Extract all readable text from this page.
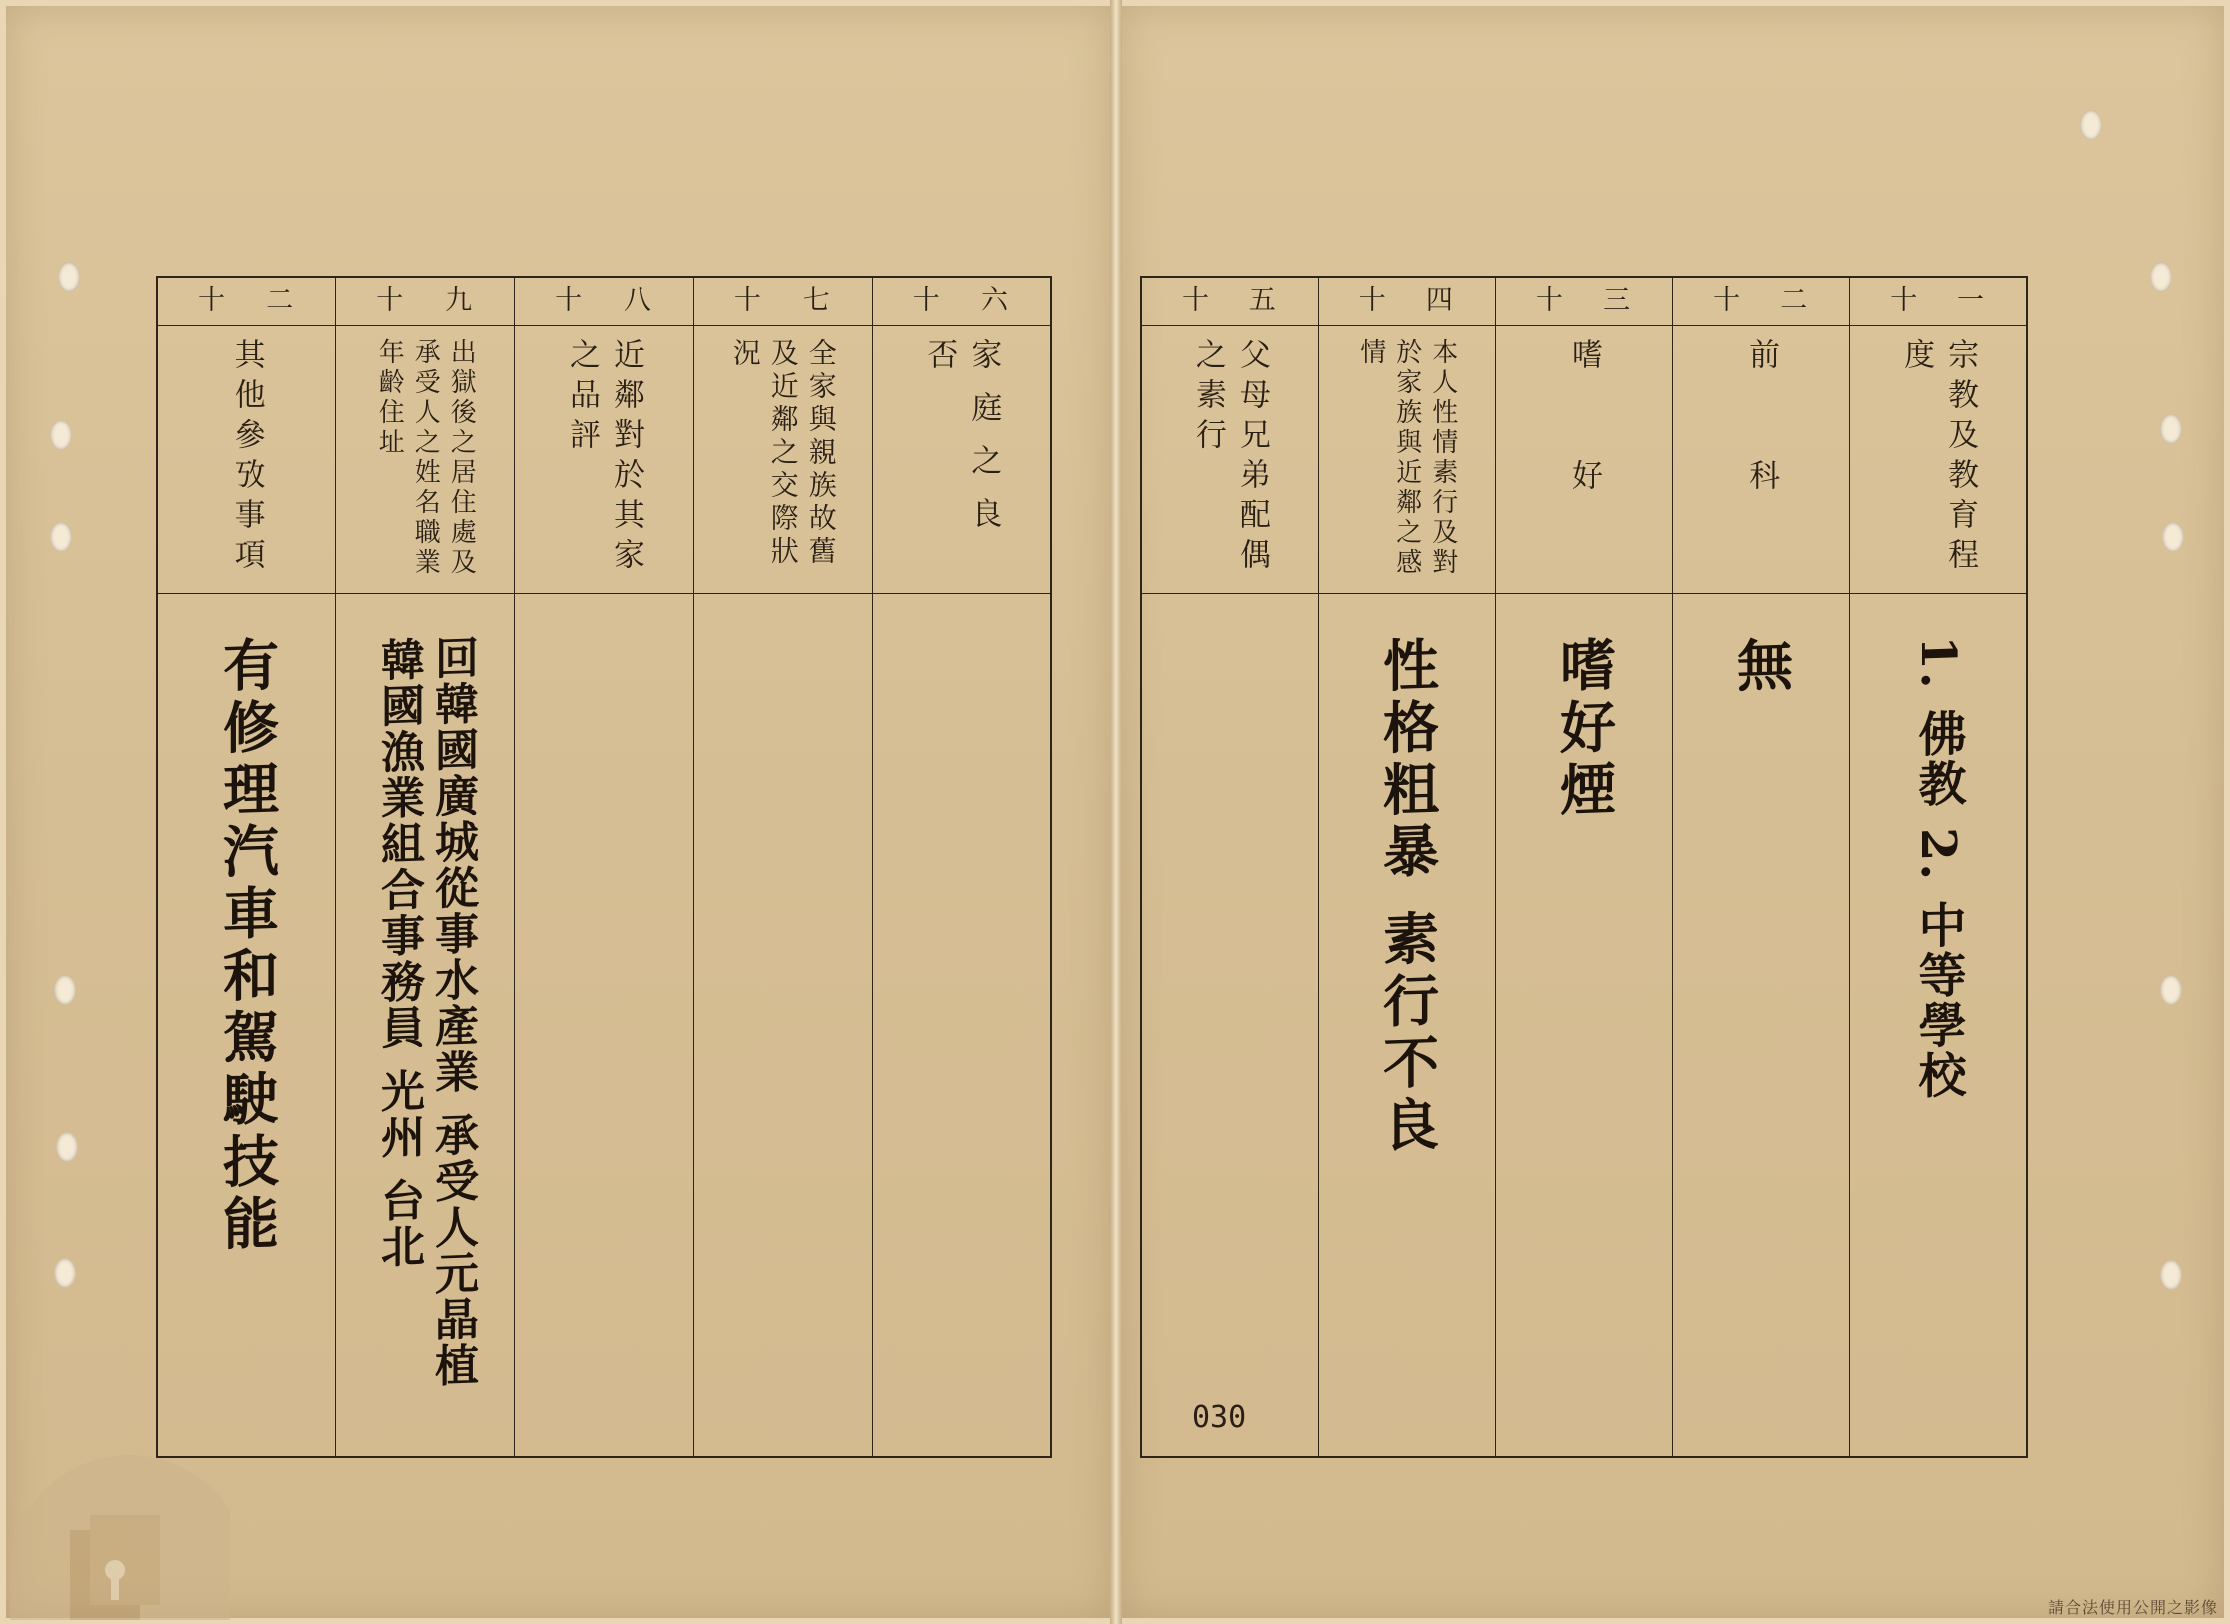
十 二	十 九	十 八	十 七	十 六

其他參攷事項	出獄後之居住處及承受人之姓名職業年齡住址	近鄰對於其家之品評	全家與親族故舊及近鄰之交際狀況	家庭之良否

有修理汽車和駕駛技能	回韓國廣城從事水產業 承受人元晶植 韓國漁業組合事務員 光州 台北			

十 五	十 四	十 三	十 二	十 一

父母兄弟配偶之素行	本人性情素行及對於家族與近鄰之感情	嗜好	前科	宗教及教育程度

	性格粗暴 素行不良	嗜好煙	無	1. 佛教 2. 中等學校
030
請合法使用公開之影像
